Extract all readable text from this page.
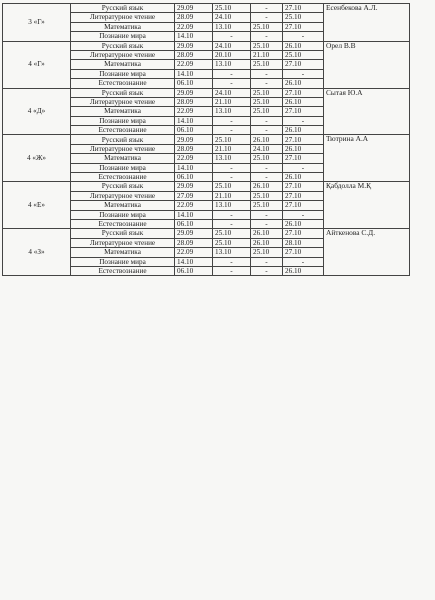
3 «Г»	Русский язык	29.09	25.10	-	27.10	Есенбекова А.Л.
	Литературное чтение	28.09	24.10	-	25.10	
	Математика	22.09	13.10	25.10	27.10	
	Познание мира	14.10	-	-	-	
4 «Г»	Русский язык	29.09	24.10	25.10	26.10	Орел В.В
	Литературное чтение	28.09	20.10	21.10	25.10	
	Математика	22.09	13.10	25.10	27.10	
	Познание мира	14.10	-	-	-	
	Естествознание	06.10	-	-	26.10	
4 «Д»	Русский язык	29.09	24.10	25.10	27.10	Сытая Ю.А
	Литературное чтение	28.09	21.10	25.10	26.10	
	Математика	22.09	13.10	25.10	27.10	
	Познание мира	14.10	-	-	-	
	Естествознание	06.10	-	-	26.10	
4 «Ж»	Русский язык	29.09	25.10	26.10	27.10	Тютрина А.А
	Литературное чтение	28.09	21.10	24.10	26.10	
	Математика	22.09	13.10	25.10	27.10	
	Познание мира	14.10	-	-	-	
	Естествознание	06.10	-	-	26.10	
4 «Е»	Русский язык	29.09	25.10	26.10	27.10	Қабдолла М.Қ
	Литературное чтение	27.09	21.10	25.10	27.10	
	Математика	22.09	13.10	25.10	27.10	
	Познание мира	14.10	-	-	-	
	Естествознание	06.10	-	-	26.10	
4 «З»	Русский язык	29.09	25.10	26.10	27.10	Айткенова С.Д.
	Литературное чтение	28.09	25.10	26.10	28.10	
	Математика	22.09	13.10	25.10	27.10	
	Познание мира	14.10	-	-	-	
	Естествознание	06.10	-	-	26.10	
